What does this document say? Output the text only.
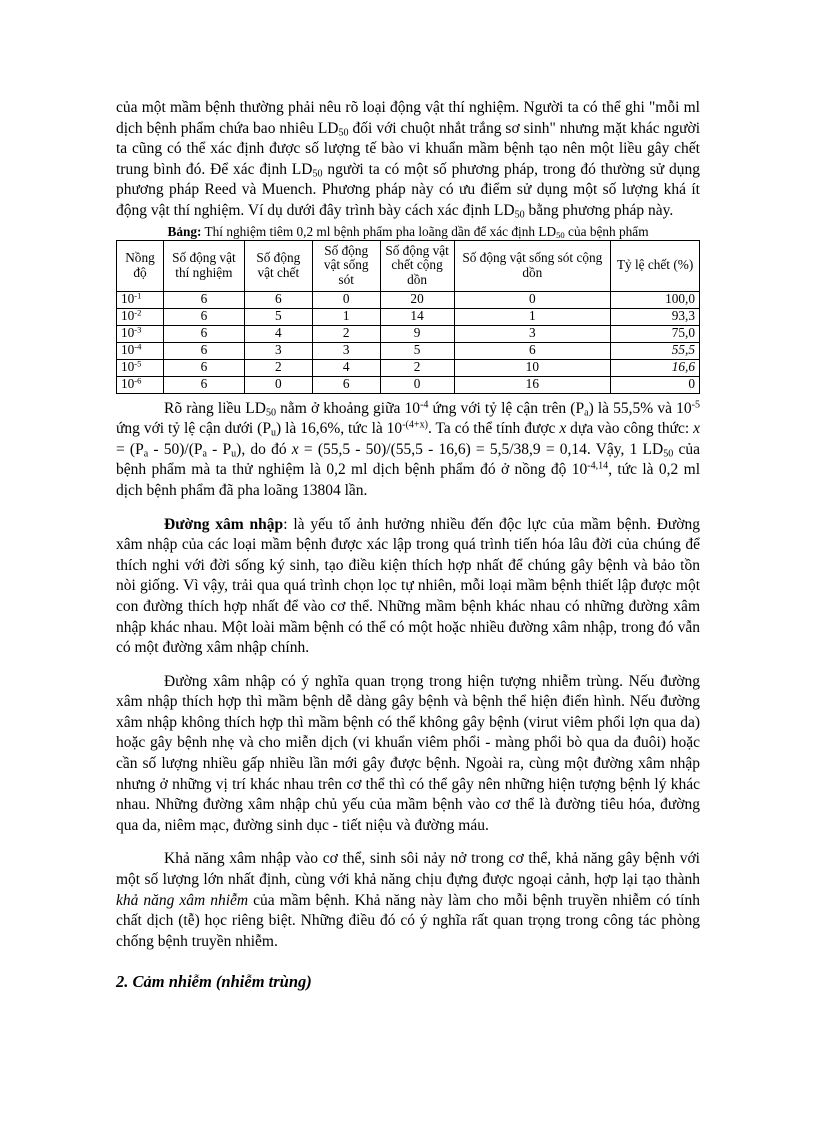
của một mầm bệnh thường phải nêu rõ loại động vật thí nghiệm. Người ta có thể ghi "mỗi ml dịch bệnh phẩm chứa bao nhiêu $LD_{50}$ đối với chuột nhắt trắng sơ sinh" nhưng mặt khác người ta cũng có thể xác định được số lượng tế bào vi khuẩn mầm bệnh tạo nên một liều gây chết trung bình đó. Để xác định $LD_{50}$ người ta có một số phương pháp, trong đó thường sử dụng phương pháp Reed và Muench. Phương pháp này có ưu điểm sử dụng một số lượng khá ít động vật thí nghiệm. Ví dụ dưới đây trình bày cách xác định $LD_{50}$ bằng phương pháp này.

Bảng: Thí nghiệm tiêm 0,2 ml bệnh phẩm pha loãng dần để xác định $LD_{50}$ của bệnh phẩm
Nồng độ	Số động vật thí nghiệm	Số động vật chết	Số động vật sống sót	Số động vật chết cộng dồn	Số động vật sống sót cộng dồn	Tỷ lệ chết (%)
$10^{-1}$	6	6	0	20	0	100,0
$10^{-2}$	6	5	1	14	1	93,3
$10^{-3}$	6	4	2	9	3	75,0
$10^{-4}$	6	3	3	5	6	55,5
$10^{-5}$	6	2	4	2	10	16,6
$10^{-6}$	6	0	6	0	16	0

Rõ ràng liều $LD_{50}$ nằm ở khoảng giữa $10^{-4}$ ứng với tỷ lệ cận trên $(P_a)$ là 55,5% và $10^{-5}$ ứng với tỷ lệ cận dưới $(P_u)$ là 16,6%, tức là $10^{-(4+x)}$. Ta có thể tính được x dựa vào công thức: $x = (P_a - 50)/(P_a - P_u)$, do đó x = (55,5 - 50)/(55,5 - 16,6) = 5,5/38,9 = 0,14. Vậy, 1 $LD_{50}$ của bệnh phẩm mà ta thử nghiệm là 0,2 ml dịch bệnh phẩm đó ở nồng độ $10^{-4,14}$, tức là 0,2 ml dịch bệnh phẩm đã pha loãng 13804 lần.

Đường xâm nhập: là yếu tố ảnh hưởng nhiều đến độc lực của mầm bệnh. Đường xâm nhập của các loại mầm bệnh được xác lập trong quá trình tiến hóa lâu đời của chúng để thích nghi với đời sống ký sinh, tạo điều kiện thích hợp nhất để chúng gây bệnh và bảo tồn nòi giống. Vì vậy, trải qua quá trình chọn lọc tự nhiên, mỗi loại mầm bệnh thiết lập được một con đường thích hợp nhất để vào cơ thể. Những mầm bệnh khác nhau có những đường xâm nhập khác nhau. Một loài mầm bệnh có thể có một hoặc nhiều đường xâm nhập, trong đó vẫn có một đường xâm nhập chính.

Đường xâm nhập có ý nghĩa quan trọng trong hiện tượng nhiễm trùng. Nếu đường xâm nhập thích hợp thì mầm bệnh dễ dàng gây bệnh và bệnh thể hiện điển hình. Nếu đường xâm nhập không thích hợp thì mầm bệnh có thể không gây bệnh (virut viêm phổi lợn qua da) hoặc gây bệnh nhẹ và cho miễn dịch (vi khuẩn viêm phổi - màng phổi bò qua da đuôi) hoặc cần số lượng nhiều gấp nhiều lần mới gây được bệnh. Ngoài ra, cùng một đường xâm nhập nhưng ở những vị trí khác nhau trên cơ thể thì có thể gây nên những hiện tượng bệnh lý khác nhau. Những đường xâm nhập chủ yếu của mầm bệnh vào cơ thể là đường tiêu hóa, đường qua da, niêm mạc, đường sinh dục - tiết niệu và đường máu.

Khả năng xâm nhập vào cơ thể, sinh sôi nảy nở trong cơ thể, khả năng gây bệnh với một số lượng lớn nhất định, cùng với khả năng chịu đựng được ngoại cảnh, hợp lại tạo thành khả năng xâm nhiễm của mầm bệnh. Khả năng này làm cho mỗi bệnh truyền nhiễm có tính chất dịch (tễ) học riêng biệt. Những điều đó có ý nghĩa rất quan trọng trong công tác phòng chống bệnh truyền nhiễm.

2. Cảm nhiễm (nhiễm trùng)
